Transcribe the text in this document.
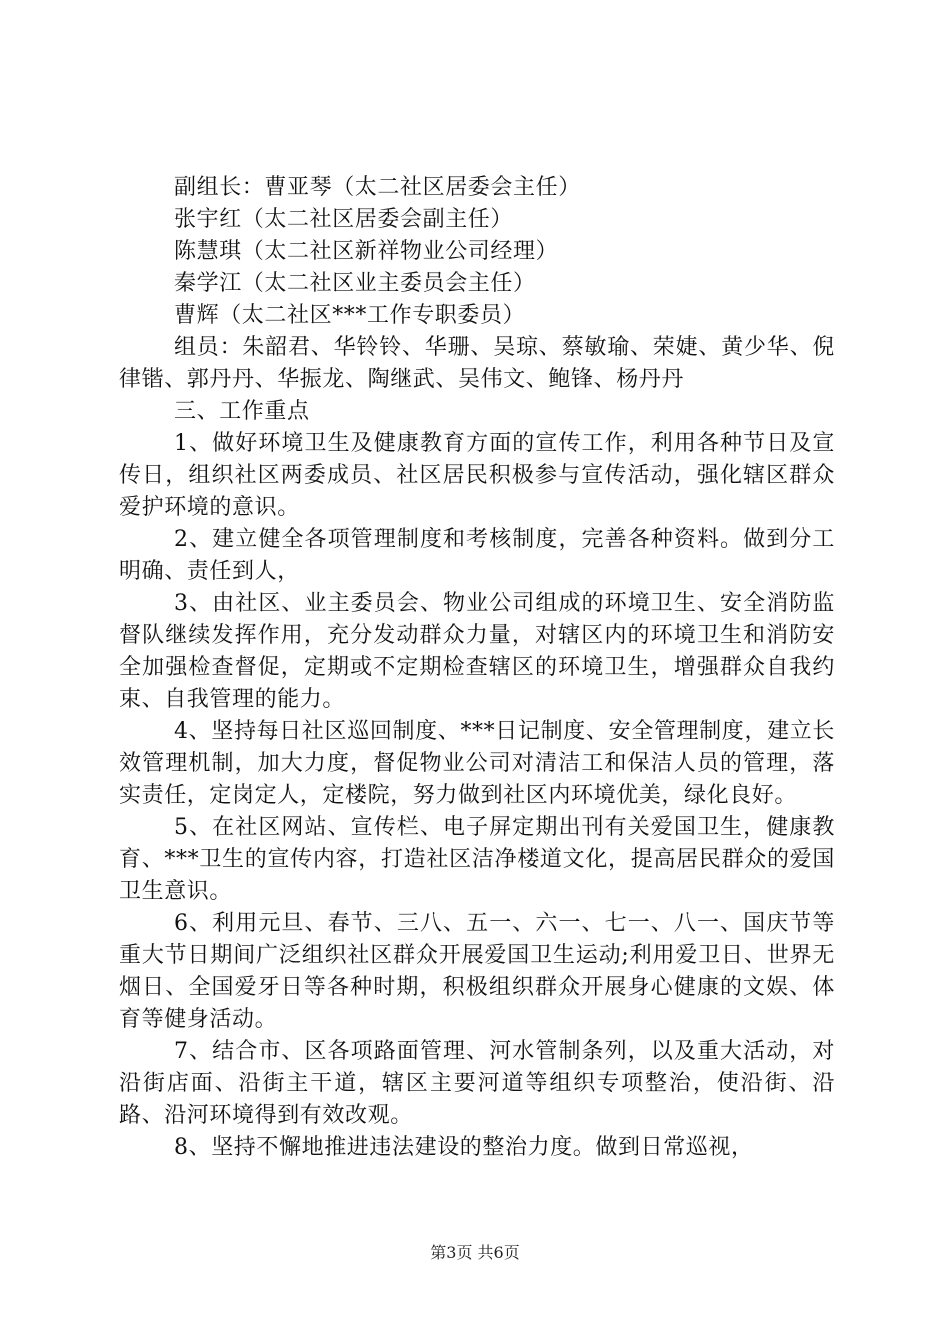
副组长：曹亚琴（太二社区居委会主任）

张宇红（太二社区居委会副主任）

陈慧琪（太二社区新祥物业公司经理）

秦学江（太二社区业主委员会主任）

曹辉（太二社区***工作专职委员）

组员：朱韶君、华铃铃、华珊、吴琼、蔡敏瑜、荣婕、黄少华、倪律锴、郭丹丹、华振龙、陶继武、吴伟文、鲍锋、杨丹丹

三、工作重点

1、做好环境卫生及健康教育方面的宣传工作，利用各种节日及宣传日，组织社区两委成员、社区居民积极参与宣传活动，强化辖区群众爱护环境的意识。

2、建立健全各项管理制度和考核制度，完善各种资料。做到分工明确、责任到人，

3、由社区、业主委员会、物业公司组成的环境卫生、安全消防监督队继续发挥作用，充分发动群众力量，对辖区内的环境卫生和消防安全加强检查督促，定期或不定期检查辖区的环境卫生，增强群众自我约束、自我管理的能力。

4、坚持每日社区巡回制度、***日记制度、安全管理制度，建立长效管理机制，加大力度，督促物业公司对清洁工和保洁人员的管理，落实责任，定岗定人，定楼院，努力做到社区内环境优美，绿化良好。

5、在社区网站、宣传栏、电子屏定期出刊有关爱国卫生，健康教育、***卫生的宣传内容，打造社区洁净楼道文化，提高居民群众的爱国卫生意识。

6、利用元旦、春节、三八、五一、六一、七一、八一、国庆节等重大节日期间广泛组织社区群众开展爱国卫生运动;利用爱卫日、世界无烟日、全国爱牙日等各种时期，积极组织群众开展身心健康的文娱、体育等健身活动。

7、结合市、区各项路面管理、河水管制条列，以及重大活动，对沿街店面、沿街主干道，辖区主要河道等组织专项整治，使沿街、沿路、沿河环境得到有效改观。

8、坚持不懈地推进违法建设的整治力度。做到日常巡视，

第3页 共6页
